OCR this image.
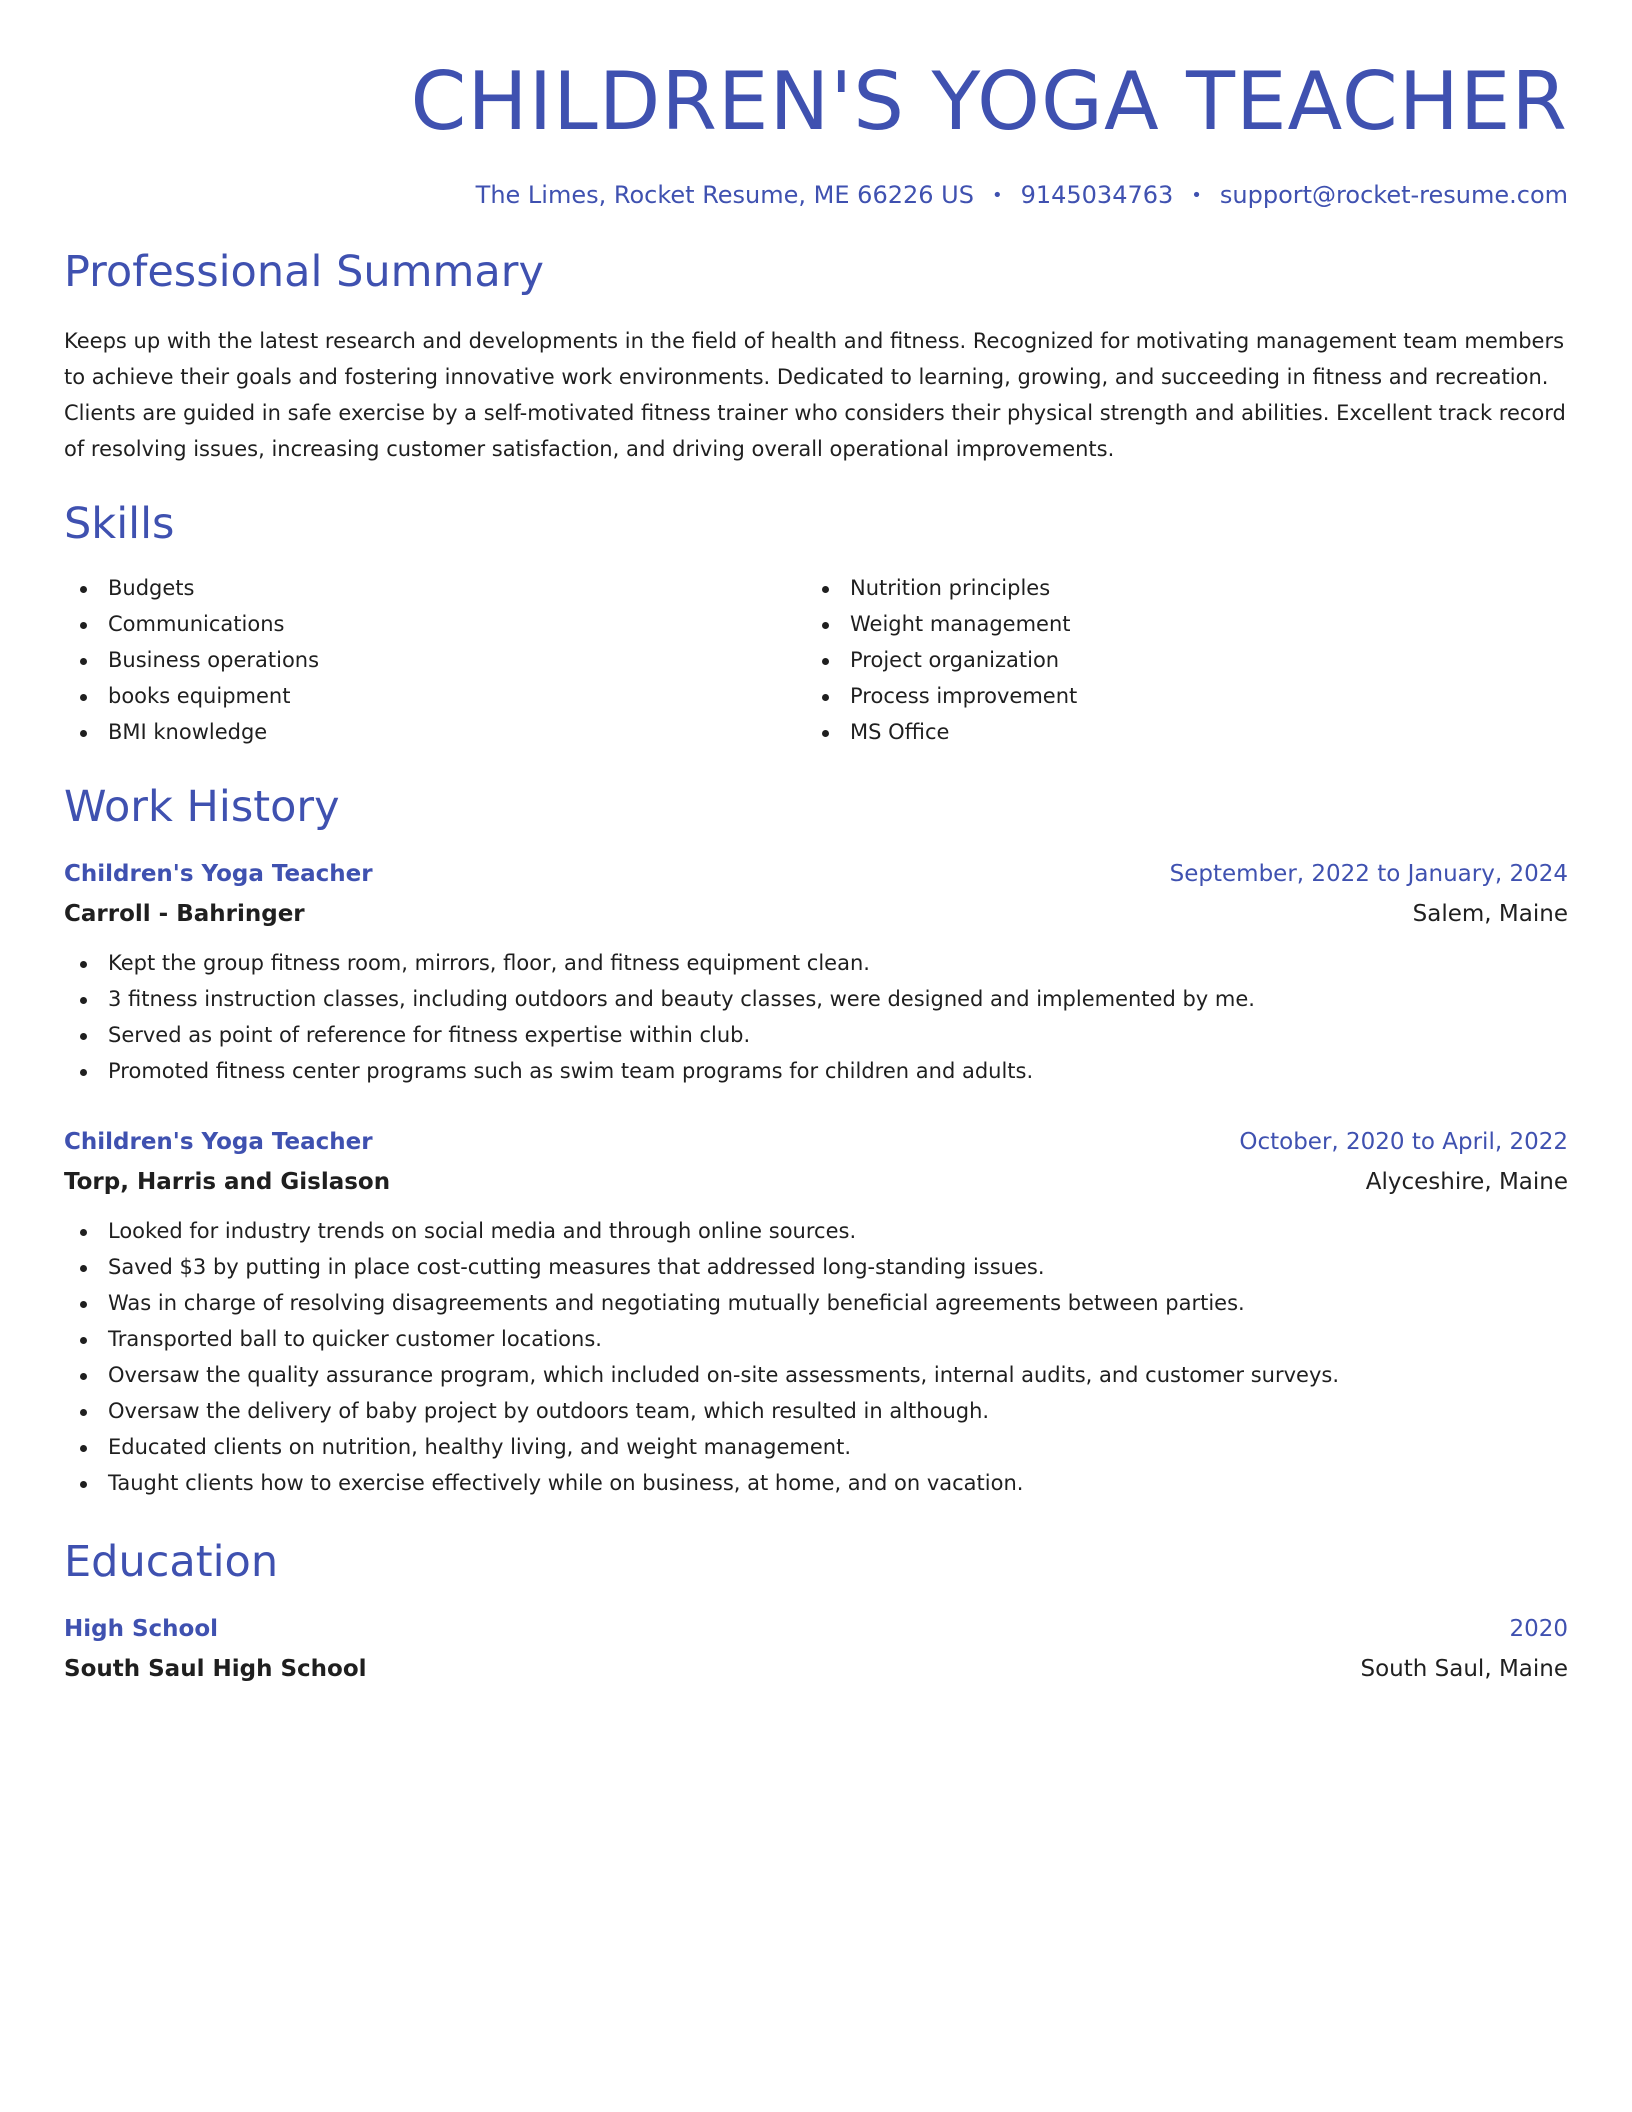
CHILDREN'S YOGA TEACHER
The Limes, Rocket Resume, ME 66226 US • 9145034763 • support@rocket-resume.com
Professional Summary

Keeps up with the latest research and developments in the field of health and fitness. Recognized for motivating management team members to achieve their goals and fostering innovative work environments. Dedicated to learning, growing, and succeeding in fitness and recreation. Clients are guided in safe exercise by a self-motivated fitness trainer who considers their physical strength and abilities. Excellent track record of resolving issues, increasing customer satisfaction, and driving overall operational improvements.

Skills
Budgets
Communications
Business operations
books equipment
BMI knowledge
Nutrition principles
Weight management
Project organization
Process improvement
MS Office
Work History
Children's Yoga Teacher	September, 2022 to January, 2024
Carroll - Bahringer	Salem, Maine
Kept the group fitness room, mirrors, floor, and fitness equipment clean.
3 fitness instruction classes, including outdoors and beauty classes, were designed and implemented by me.
Served as point of reference for fitness expertise within club.
Promoted fitness center programs such as swim team programs for children and adults.
Children's Yoga Teacher	October, 2020 to April, 2022
Torp, Harris and Gislason	Alyceshire, Maine
Looked for industry trends on social media and through online sources.
Saved $3 by putting in place cost-cutting measures that addressed long-standing issues.
Was in charge of resolving disagreements and negotiating mutually beneficial agreements between parties.
Transported ball to quicker customer locations.
Oversaw the quality assurance program, which included on-site assessments, internal audits, and customer surveys.
Oversaw the delivery of baby project by outdoors team, which resulted in although.
Educated clients on nutrition, healthy living, and weight management.
Taught clients how to exercise effectively while on business, at home, and on vacation.
Education
High School	2020
South Saul High School	South Saul, Maine
